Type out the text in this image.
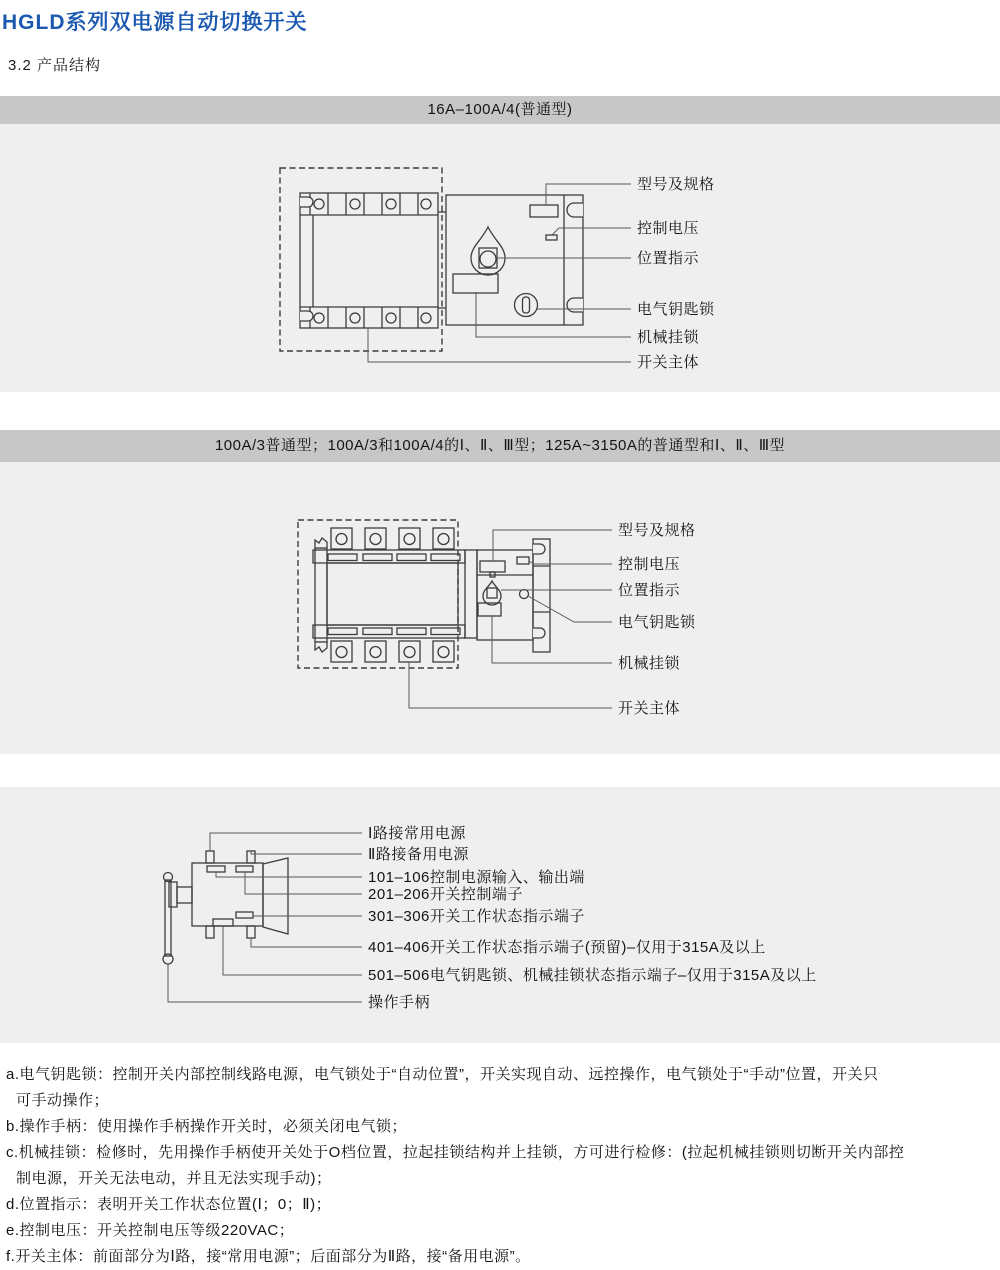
HGLD系列双电源自动切换开关
3.2 产品结构
16A–100A/4(普通型)
型号及规格
控制电压
位置指示
电气钥匙锁
机械挂锁
开关主体
100A/3普通型；100A/3和100A/4的Ⅰ、Ⅱ、Ⅲ型；125A~3150A的普通型和Ⅰ、Ⅱ、Ⅲ型
型号及规格
控制电压
位置指示
电气钥匙锁
机械挂锁
开关主体
Ⅰ路接常用电源
Ⅱ路接备用电源
101–106控制电源输入、输出端
201–206开关控制端子
301–306开关工作状态指示端子
401–406开关工作状态指示端子(预留)–仅用于315A及以上
501–506电气钥匙锁、机械挂锁状态指示端子–仅用于315A及以上
操作手柄
a.电气钥匙锁：控制开关内部控制线路电源，电气锁处于“自动位置”，开关实现自动、远控操作，电气锁处于“手动”位置，开关只
可手动操作；
b.操作手柄：使用操作手柄操作开关时，必须关闭电气锁；
c.机械挂锁：检修时，先用操作手柄使开关处于O档位置，拉起挂锁结构并上挂锁，方可进行检修：(拉起机械挂锁则切断开关内部控
制电源，开关无法电动，并且无法实现手动)；
d.位置指示：表明开关工作状态位置(Ⅰ；0；Ⅱ)；
e.控制电压：开关控制电压等级220VAC；
f.开关主体：前面部分为Ⅰ路，接“常用电源”；后面部分为Ⅱ路，接“备用电源”。
